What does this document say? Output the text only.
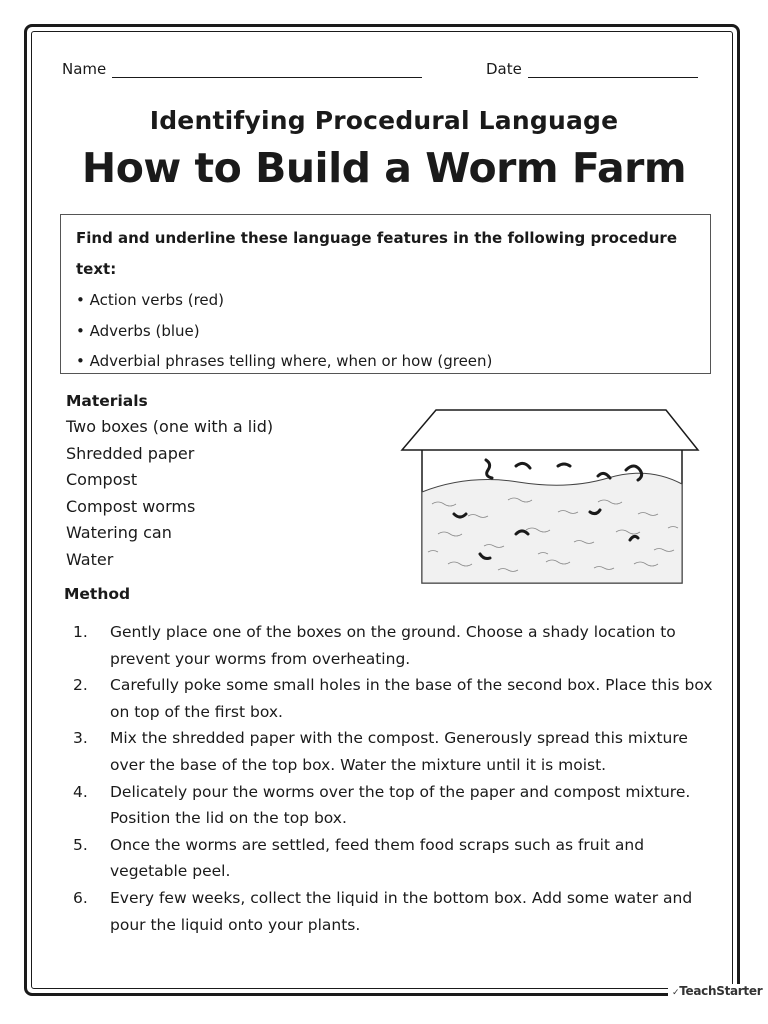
Name	Date
Identifying Procedural Language
How to Build a Worm Farm
Find and underline these language features in the following procedure text:
• Action verbs (red)
• Adverbs (blue)
• Adverbial phrases telling where, when or how (green)
Materials
Two boxes (one with a lid)
Shredded paper
Compost
Compost worms
Watering can
Water
Method
1.	Gently place one of the boxes on the ground. Choose a shady location to prevent your worms from overheating.
2.	Carefully poke some small holes in the base of the second box. Place this box on top of the first box.
3.	Mix the shredded paper with the compost. Generously spread this mixture over the base of the top box. Water the mixture until it is moist.
4.	Delicately pour the worms over the top of the paper and compost mixture. Position the lid on the top box.
5.	Once the worms are settled, feed them food scraps such as fruit and vegetable peel.
6.	Every few weeks, collect the liquid in the bottom box. Add some water and pour the liquid onto your plants.
✓TeachStarter
